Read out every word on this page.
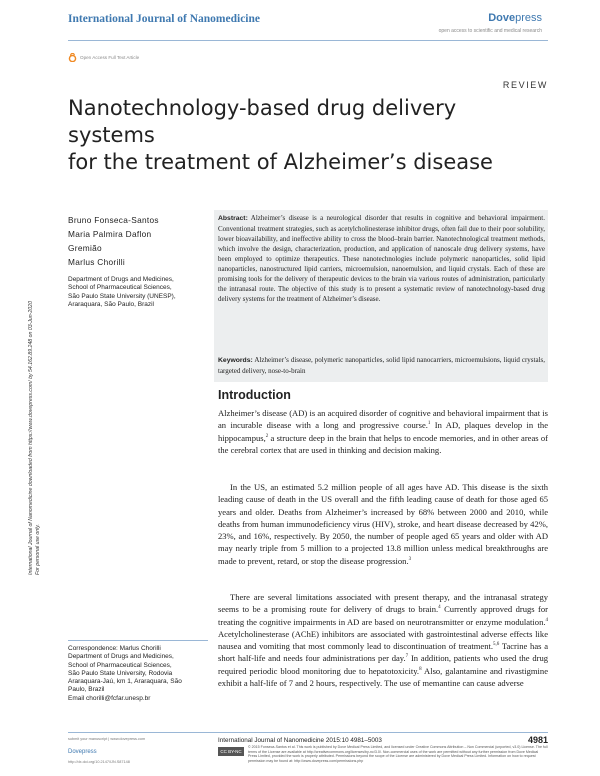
International Journal of Nanomedicine	Dovepress
open access to scientific and medical research
Open Access Full Text Article
REVIEW
Nanotechnology-based drug delivery systems
for the treatment of Alzheimer’s disease
Bruno Fonseca-Santos
Maria Palmira Daflon
Gremião
Marlus Chorilli
Department of Drugs and Medicines,
School of Pharmaceutical Sciences,
São Paulo State University (UNESP),
Araraquara, São Paulo, Brazil
International Journal of Nanomedicine downloaded from https://www.dovepress.com/ by 54.162.89.248 on 03-Jun-2020 For personal use only.
Abstract: Alzheimer’s disease is a neurological disorder that results in cognitive and behavioral impairment. Conventional treatment strategies, such as acetylcholinesterase inhibitor drugs, often fail due to their poor solubility, lower bioavailability, and ineffective ability to cross the blood–brain barrier. Nanotechnological treatment methods, which involve the design, characterization, production, and application of nanoscale drug delivery systems, have been employed to optimize therapeutics. These nanotechnologies include polymeric nanoparticles, solid lipid nanoparticles, nanostructured lipid carriers, microemulsion, nanoemulsion, and liquid crystals. Each of these are promising tools for the delivery of therapeutic devices to the brain via various routes of administration, particularly the intranasal route. The objective of this study is to present a systematic review of nanotechnology-based drug delivery systems for the treatment of Alzheimer’s disease.
Keywords: Alzheimer’s disease, polymeric nanoparticles, solid lipid nanocarriers, microemulsions, liquid crystals, targeted delivery, nose-to-brain
Introduction
Alzheimer’s disease (AD) is an acquired disorder of cognitive and behavioral impairment that is an incurable disease with a long and progressive course.$^1$ In AD, plaques develop in the hippocampus,$^2$ a structure deep in the brain that helps to encode memories, and in other areas of the cerebral cortex that are used in thinking and decision making.
In the US, an estimated 5.2 million people of all ages have AD. This disease is the sixth leading cause of death in the US overall and the fifth leading cause of death for those aged 65 years and older. Deaths from Alzheimer’s increased by 68% between 2000 and 2010, while deaths from human immunodeficiency virus (HIV), stroke, and heart disease decreased by 42%, 23%, and 16%, respectively. By 2050, the number of people aged 65 years and older with AD may nearly triple from 5 million to a projected 13.8 million unless medical breakthroughs are made to prevent, retard, or stop the disease progression.$^3$
There are several limitations associated with present therapy, and the intranasal strategy seems to be a promising route for delivery of drugs to brain.$^4$ Currently approved drugs for treating the cognitive impairments in AD are based on neurotransmitter or enzyme modulation.$^4$ Acetylcholinesterase (AChE) inhibitors are associated with gastrointestinal adverse effects like nausea and vomiting that most commonly lead to discontinuation of treatment.$^{5,6}$ Tacrine has a short half-life and needs four administrations per day.$^7$ In addition, patients who used the drug required periodic blood monitoring due to hepatotoxicity.$^8$ Also, galantamine and rivastigmine exhibit a half-life of 7 and 2 hours, respectively. The use of memantine can cause adverse
Correspondence: Marlus Chorilli
Department of Drugs and Medicines,
School of Pharmaceutical Sciences,
São Paulo State University, Rodovia
Araraquara-Jaú, km 1, Araraquara, São
Paulo, Brazil
Email chorilli@fcfar.unesp.br
submit your manuscript | www.dovepress.com
Dovepress
http://dx.doi.org/10.2147/IJN.S87148
International Journal of Nanomedicine 2015:10 4981–5003	4981
CC BY-NC
© 2015 Fonseca-Santos et al. This work is published by Dove Medical Press Limited, and licensed under Creative Commons Attribution – Non Commercial (unported, v3.0) License. The full terms of the License are available at http://creativecommons.org/licenses/by-nc/3.0/. Non-commercial uses of the work are permitted without any further permission from Dove Medical Press Limited, provided the work is properly attributed. Permissions beyond the scope of the License are administered by Dove Medical Press Limited. Information on how to request permission may be found at: http://www.dovepress.com/permissions.php
